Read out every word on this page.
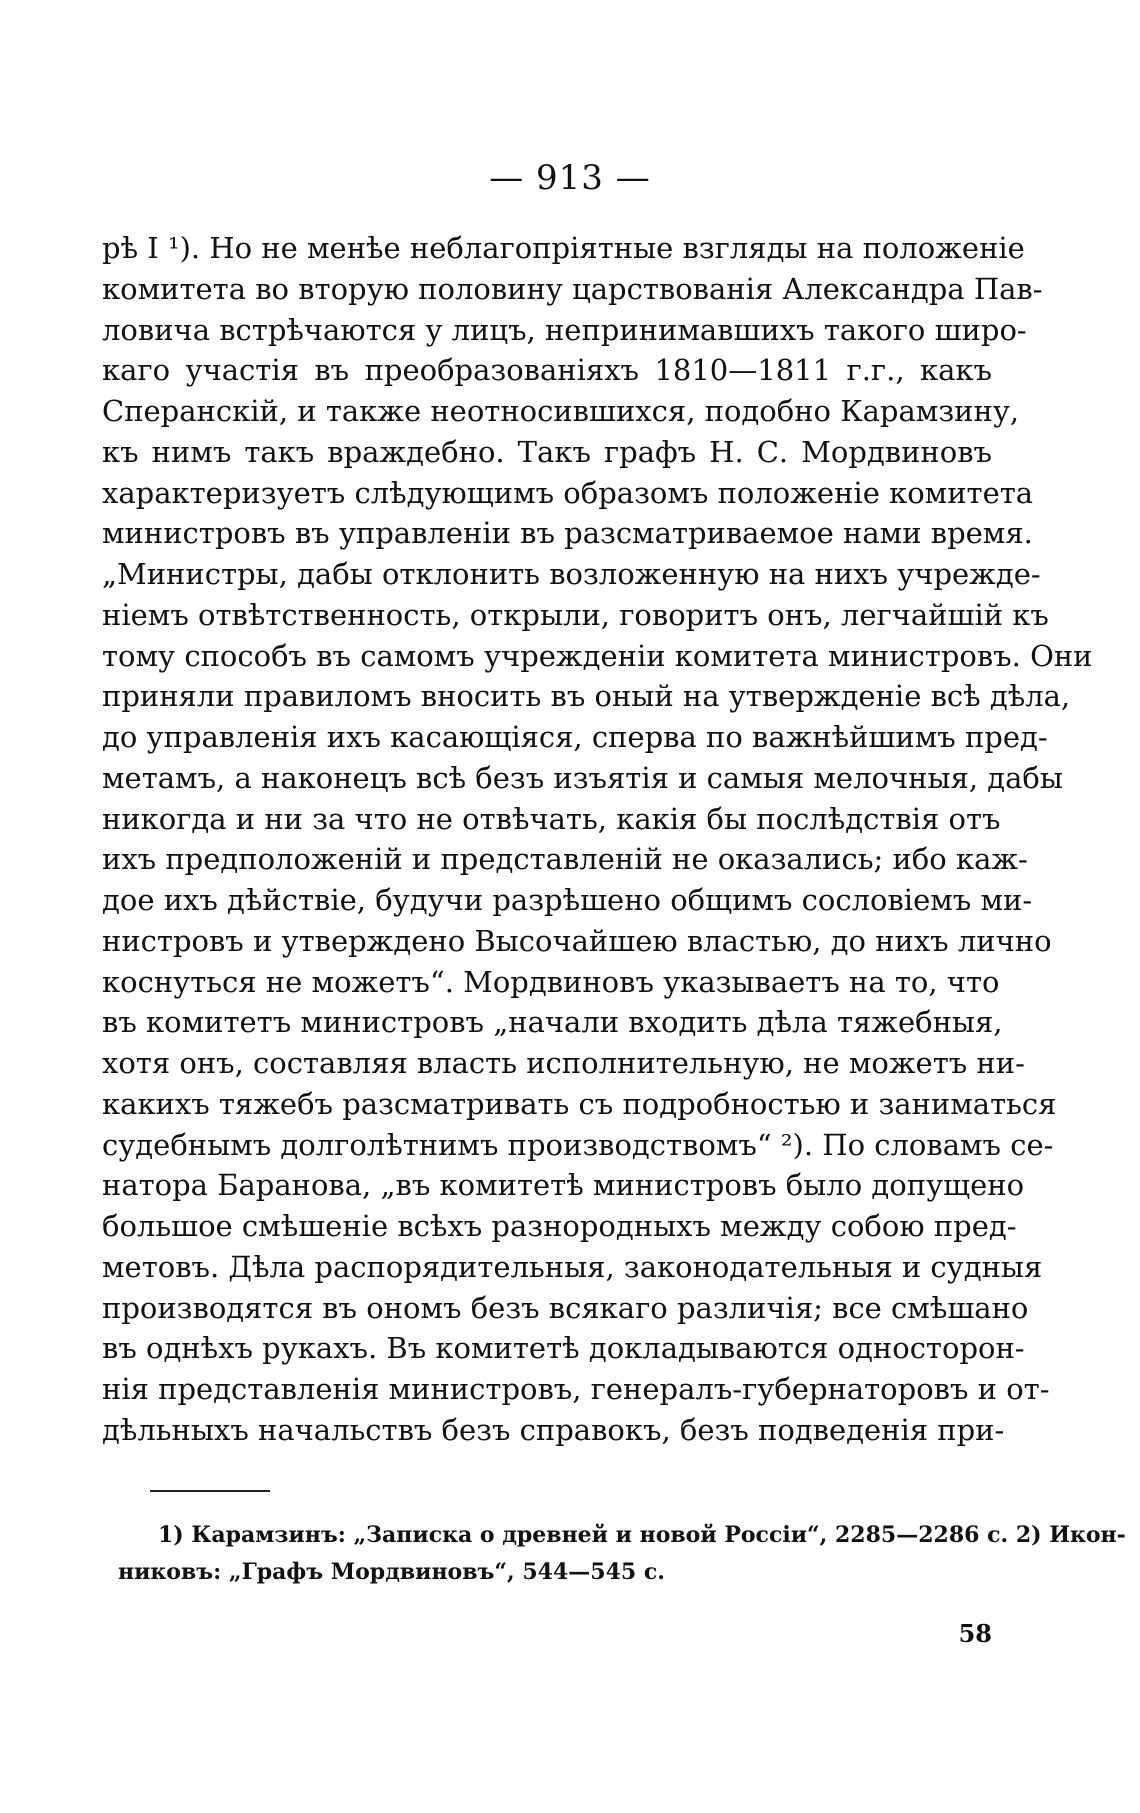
— 913 —
рѣ I ¹). Но не менѣе неблагопріятные взгляды на положеніе
комитета во вторую половину царствованія Александра Пав-
ловича встрѣчаются у лицъ, непринимавшихъ такого широ-
каго участія въ преобразованіяхъ 1810—1811 г.г., какъ
Сперанскій, и также неотносившихся, подобно Карамзину,
къ нимъ такъ враждебно. Такъ графъ Н. С. Мордвиновъ
характеризуетъ слѣдующимъ образомъ положеніе комитета
министровъ въ управленіи въ разсматриваемое нами время.
„Министры, дабы отклонить возложенную на нихъ учрежде-
ніемъ отвѣтственность, открыли, говоритъ онъ, легчайшій къ
тому способъ въ самомъ учрежденіи комитета министровъ. Они
приняли правиломъ вносить въ оный на утвержденіе всѣ дѣла,
до управленія ихъ касающіяся, сперва по важнѣйшимъ пред-
метамъ, а наконецъ всѣ безъ изъятія и самыя мелочныя, дабы
никогда и ни за что не отвѣчать, какія бы послѣдствія отъ
ихъ предположеній и представленій не оказались; ибо каж-
дое ихъ дѣйствіе, будучи разрѣшено общимъ сословіемъ ми-
нистровъ и утверждено Высочайшею властью, до нихъ лично
коснуться не можетъ“. Мордвиновъ указываетъ на то, что
въ комитетъ министровъ „начали входить дѣла тяжебныя,
хотя онъ, составляя власть исполнительную, не можетъ ни-
какихъ тяжебъ разсматривать съ подробностью и заниматься
судебнымъ долголѣтнимъ производствомъ“ ²). По словамъ се-
натора Баранова, „въ комитетѣ министровъ было допущено
большое смѣшеніе всѣхъ разнородныхъ между собою пред-
метовъ. Дѣла распорядительныя, законодательныя и судныя
производятся въ ономъ безъ всякаго различія; все смѣшано
въ однѣхъ рукахъ. Въ комитетѣ докладываются односторон-
нія представленія министровъ, генералъ-губернаторовъ и от-
дѣльныхъ начальствъ безъ справокъ, безъ подведенія при-
1) Карамзинъ: „Записка о древней и новой Россіи“, 2285—2286 с. 2) Икон-
никовъ: „Графъ Мордвиновъ“, 544—545 с.
58
